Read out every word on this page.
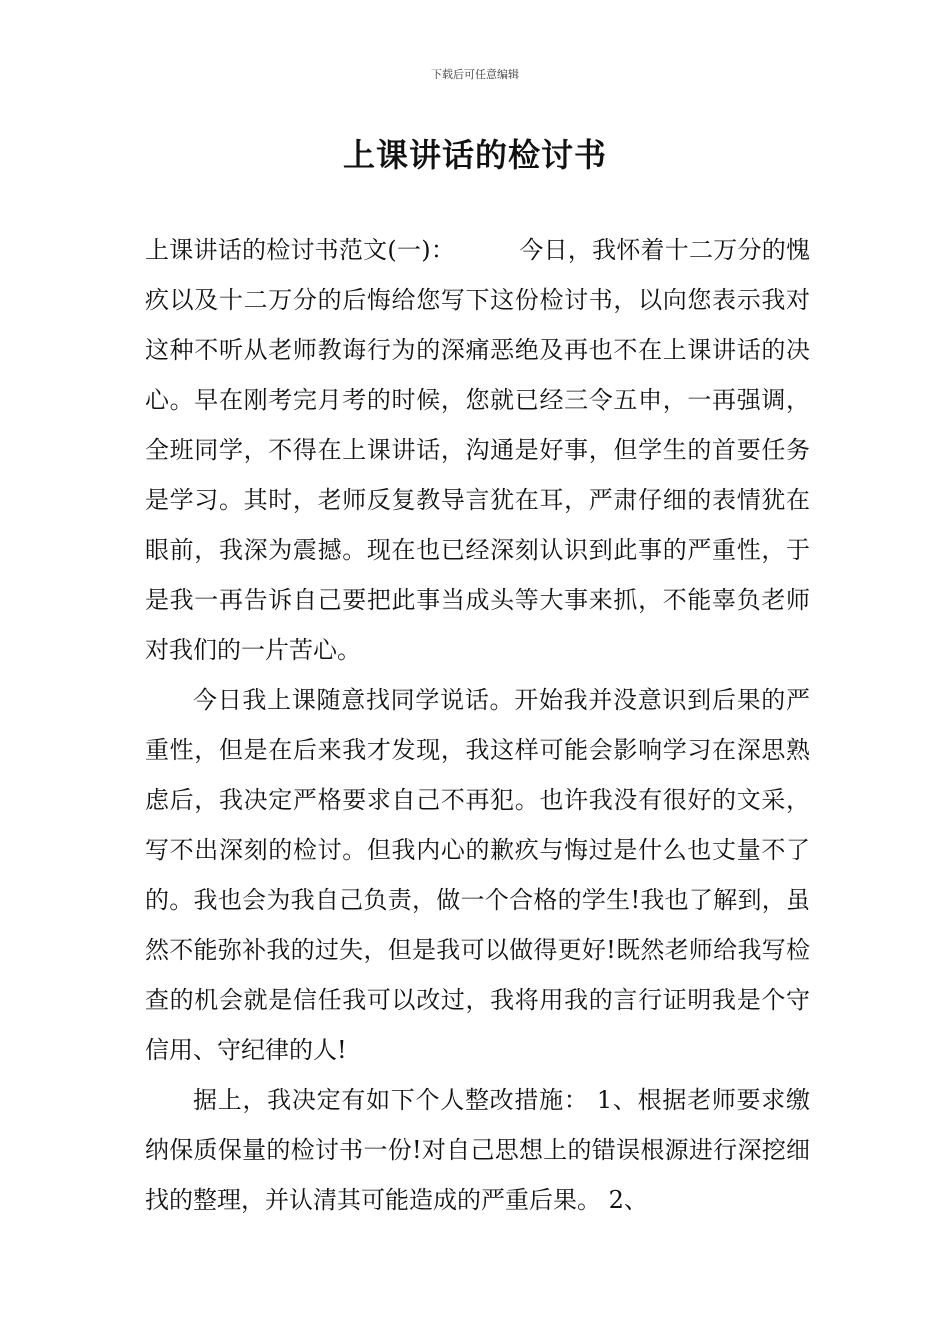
下载后可任意编辑
上课讲话的检讨书

上课讲话的检讨书范文(一)：	今日，我怀着十二万分的愧疚以及十二万分的后悔给您写下这份检讨书，以向您表示我对这种不听从老师教诲行为的深痛恶绝及再也不在上课讲话的决心。早在刚考完月考的时候，您就已经三令五申，一再强调，全班同学，不得在上课讲话，沟通是好事，但学生的首要任务是学习。其时，老师反复教导言犹在耳，严肃仔细的表情犹在眼前，我深为震撼。现在也已经深刻认识到此事的严重性，于是我一再告诉自己要把此事当成头等大事来抓，不能辜负老师对我们的一片苦心。

今日我上课随意找同学说话。开始我并没意识到后果的严重性，但是在后来我才发现，我这样可能会影响学习在深思熟虑后，我决定严格要求自己不再犯。也许我没有很好的文采，写不出深刻的检讨。但我内心的歉疚与悔过是什么也丈量不了的。我也会为我自己负责，做一个合格的学生!我也了解到，虽然不能弥补我的过失，但是我可以做得更好!既然老师给我写检查的机会就是信任我可以改过，我将用我的言行证明我是个守信用、守纪律的人!

据上，我决定有如下个人整改措施： 1、根据老师要求缴纳保质保量的检讨书一份!对自己思想上的错误根源进行深挖细找的整理，并认清其可能造成的严重后果。 2、
